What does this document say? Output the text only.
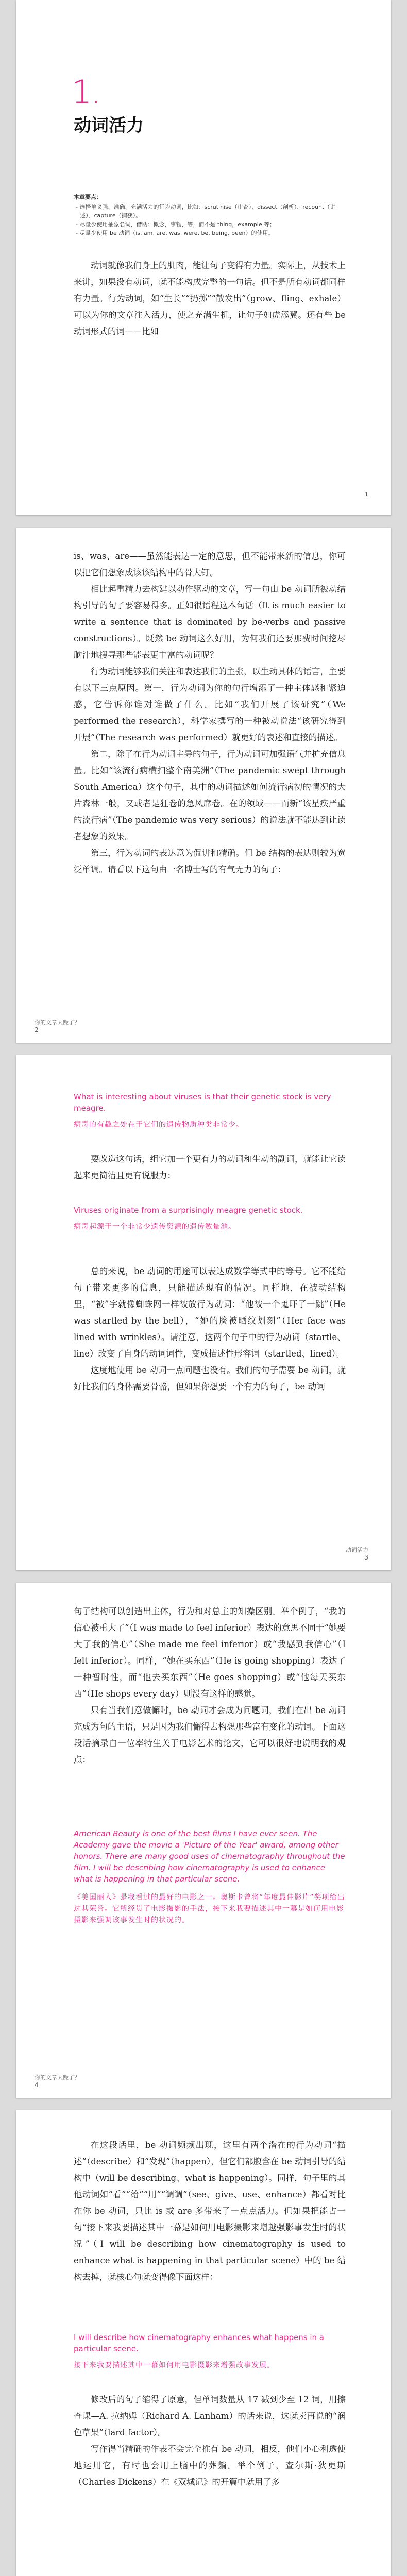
1.
动词活力
本章要点：
- 选择单义强、准确、充满活力的行为动词，比如：scrutinise（审查）、dissect（剖析）、recount（讲述）、capture（捕获）。
- 尽量少使用抽象名词，借助：概念，事物，等，而不是 thing，example 等；
- 尽量少使用 be 动词（is, am, are, was, were, be, being, been）的使用。

动词就像我们身上的肌肉，能让句子变得有力量。实际上，从技术上来讲，如果没有动词，就不能构成完整的一句话。但不是所有动词都同样有力量。行为动词，如“生长”“扔掷”“散发出”（grow、fling、exhale）可以为你的文章注入活力，使之充满生机，让句子如虎添翼。还有些 be 动词形式的词——比如

1

is、was、are——虽然能表达一定的意思，但不能带来新的信息，你可以把它们想象成该该结构中的骨大钉。

相比起重精力去构建以动作驱动的文章，写一句由 be 动词所被动结构引导的句子要容易得多。正如很语程这本句话（It is much easier to write a sentence that is dominated by be-verbs and passive constructions）。既然 be 动词这么好用，为何我们还要那费时间挖尽脑汁地搜寻那些能表更丰富的动词呢？

行为动词能够我们关注和表达我们的主张，以生动具体的语言，主要有以下三点原因。第一，行为动词为你的句行增添了一种主体感和紧迫感，它告诉你谁对谁做了什么。比如“我们开展了该研究”（We performed the research），科学家撰写的一种被动说法“该研究得到开展”（The research was performed）就更好的表述和直接的描述。

第二，除了在行为动词主导的句子，行为动词可加强语气并扩充信息量。比如“该流行病横扫整个南美洲”（The pandemic swept through South America）这个句子，其中的动词描述如何流行病初的情况的大片森林一般，又或者是狂卷的急风席卷。在的领域——而新“该星疾严重的流行病”（The pandemic was very serious）的说法就不能达到让读者想象的效果。

第三，行为动词的表达意为侃讲和精确。但 be 结构的表达则较为宽泛单调。请看以下这句由一名博士写的有气无力的句子：

你的文章太躁了？
2
What is interesting about viruses is that their genetic stock is very meagre.
病毒的有趣之处在于它们的遗传物质种类非常少。

要改造这句话，组它加一个更有力的动词和生动的副词，就能让它读起来更简洁且更有说服力：

Viruses originate from a surprisingly meagre genetic stock.
病毒起源于一个非常少遗传资源的遗传数量池。

总的来说，be 动词的用途可以表达成数学等式中的等号。它不能给句子带来更多的信息，只能描述现有的情况。同样地，在被动结构里，“被”字就像蜘蛛网一样被放行为动词：“他被一个鬼吓了一跳”（He was startled by the bell），“她的脸被晒纹划刻”（Her face was lined with wrinkles）。请注意，这两个句子中的行为动词（startle、line）改变了自身的动词词性，变成描述性形容词（startled、lined）。

这度地使用 be 动词一点问题也没有。我们的句子需要 be 动词，就好比我们的身体需要骨骼，但如果你想要一个有力的句子，be 动词

动词活力
3

句子结构可以创造出主体，行为和对总主的知操区别。举个例子，“我的信心被重大了”（I was made to feel inferior）表达的意思不同于“她要大了我的信心”（She made me feel inferior）或“我感到我信心”（I felt inferior）。同样，“她在买东西”（He is going shopping）表达了一种暂时性，而“他去买东西”（He goes shopping）或“他每天买东西”（He shops every day）则没有这样的感觉。

只有当我们意做懈时，be 动词才会成为问题词，我们在出 be 动词充成为句的主语，只是因为我们懈得去构想那些富有变化的动词。下面这段话摘录自一位率特生关于电影艺术的论文，它可以很好地说明我的观点：

American Beauty is one of the best films I have ever seen. The Academy gave the movie a 'Picture of the Year' award, among other honors. There are many good uses of cinematography throughout the film. I will be describing how cinematography is used to enhance what is happening in that particular scene.
《美国丽人》是我看过的最好的电影之一。奥斯卡曾将“年度最佳影片”奖项给出过其荣誉。它所经贯了电影摄影的手法，接下来我要描述其中一幕是如何用电影摄影来强调该事发生时的状况的。
你的文章太躁了？
4

在这段话里，be 动词频频出现，这里有两个潜在的行为动词“描述”（describe）和“发现”（happen），但它们都腹含在 be 动词引导的结构中（will be describing、what is happening）。同样，句子里的其他动词如“看”“给”“用”“调调”（see、give、use、enhance）都看对比在你 be 动词，只比 is 或 are 多带来了一点点活力。但如果把能占一句“接下来我要描述其中一幕是如何用电影摄影来增越强影事发生时的状况”（I will be describing how cinematography is used to enhance what is happening in that particular scene）中的 be 结构去掉，就核心句就变得像下面这样：

I will describe how cinematography enhances what happens in a particular scene.
接下来我要描述其中一幕如何用电影摄影来增强故事发展。

修改后的句子缩得了原意，但单词数量从 17 减到少至 12 词，用擦查课—A. 拉纳姆（Richard A. Lanham）的话来说，这就卖再说的“润色草果”（lard factor）。

写作得当精确的作表不会完全推有 be 动词，相反，他们小心利透使地运用它，有时也会用上脑中的葬躺。举个例子，查尔斯·狄更斯（Charles Dickens）在《双城记》的开篇中就用了多
